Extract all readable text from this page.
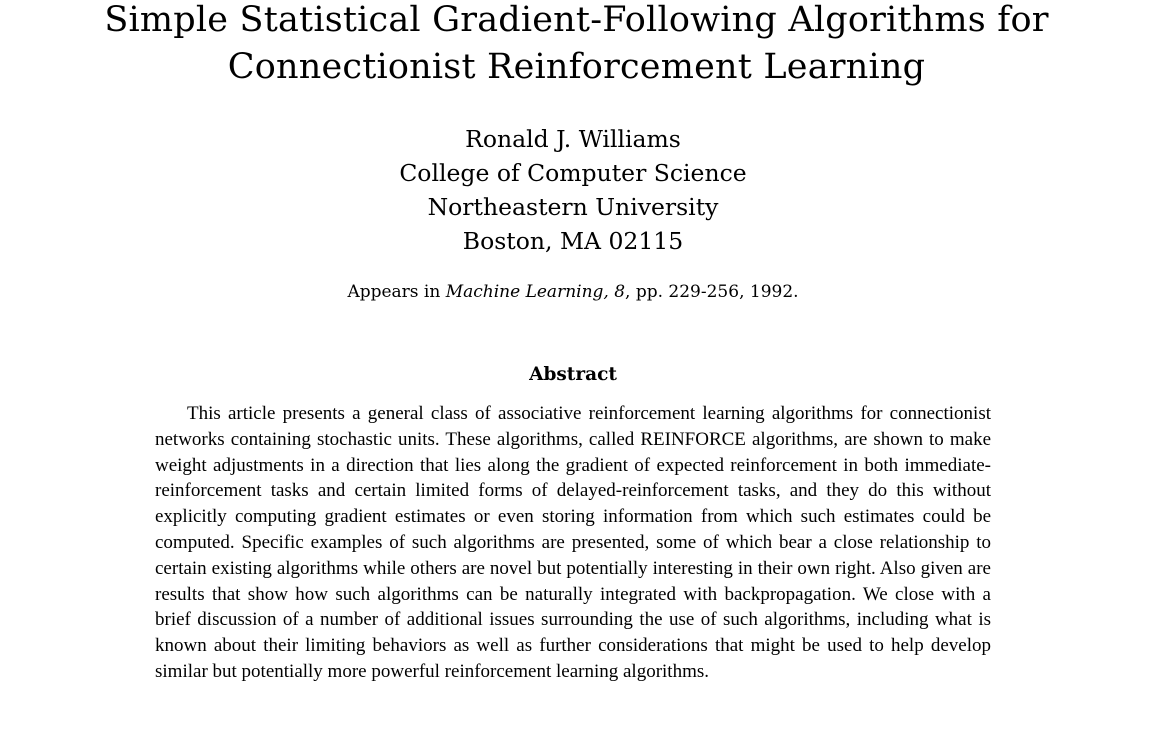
Simple Statistical Gradient-Following Algorithms for
Connectionist Reinforcement Learning
Ronald J. Williams
College of Computer Science
Northeastern University
Boston, MA 02115
Appears in Machine Learning, 8, pp. 229-256, 1992.
Abstract

This article presents a general class of associative reinforcement learning algorithms for connectionist networks containing stochastic units. These algorithms, called REINFORCE algorithms, are shown to make weight adjustments in a direction that lies along the gradient of expected reinforcement in both immediate-reinforcement tasks and certain limited forms of delayed-reinforcement tasks, and they do this without explicitly computing gradient estimates or even storing information from which such estimates could be computed. Specific examples of such algorithms are presented, some of which bear a close relationship to certain existing algorithms while others are novel but potentially interesting in their own right. Also given are results that show how such algorithms can be naturally integrated with backpropagation. We close with a brief discussion of a number of additional issues surrounding the use of such algorithms, including what is known about their limiting behaviors as well as further considerations that might be used to help develop similar but potentially more powerful reinforcement learning algorithms.
